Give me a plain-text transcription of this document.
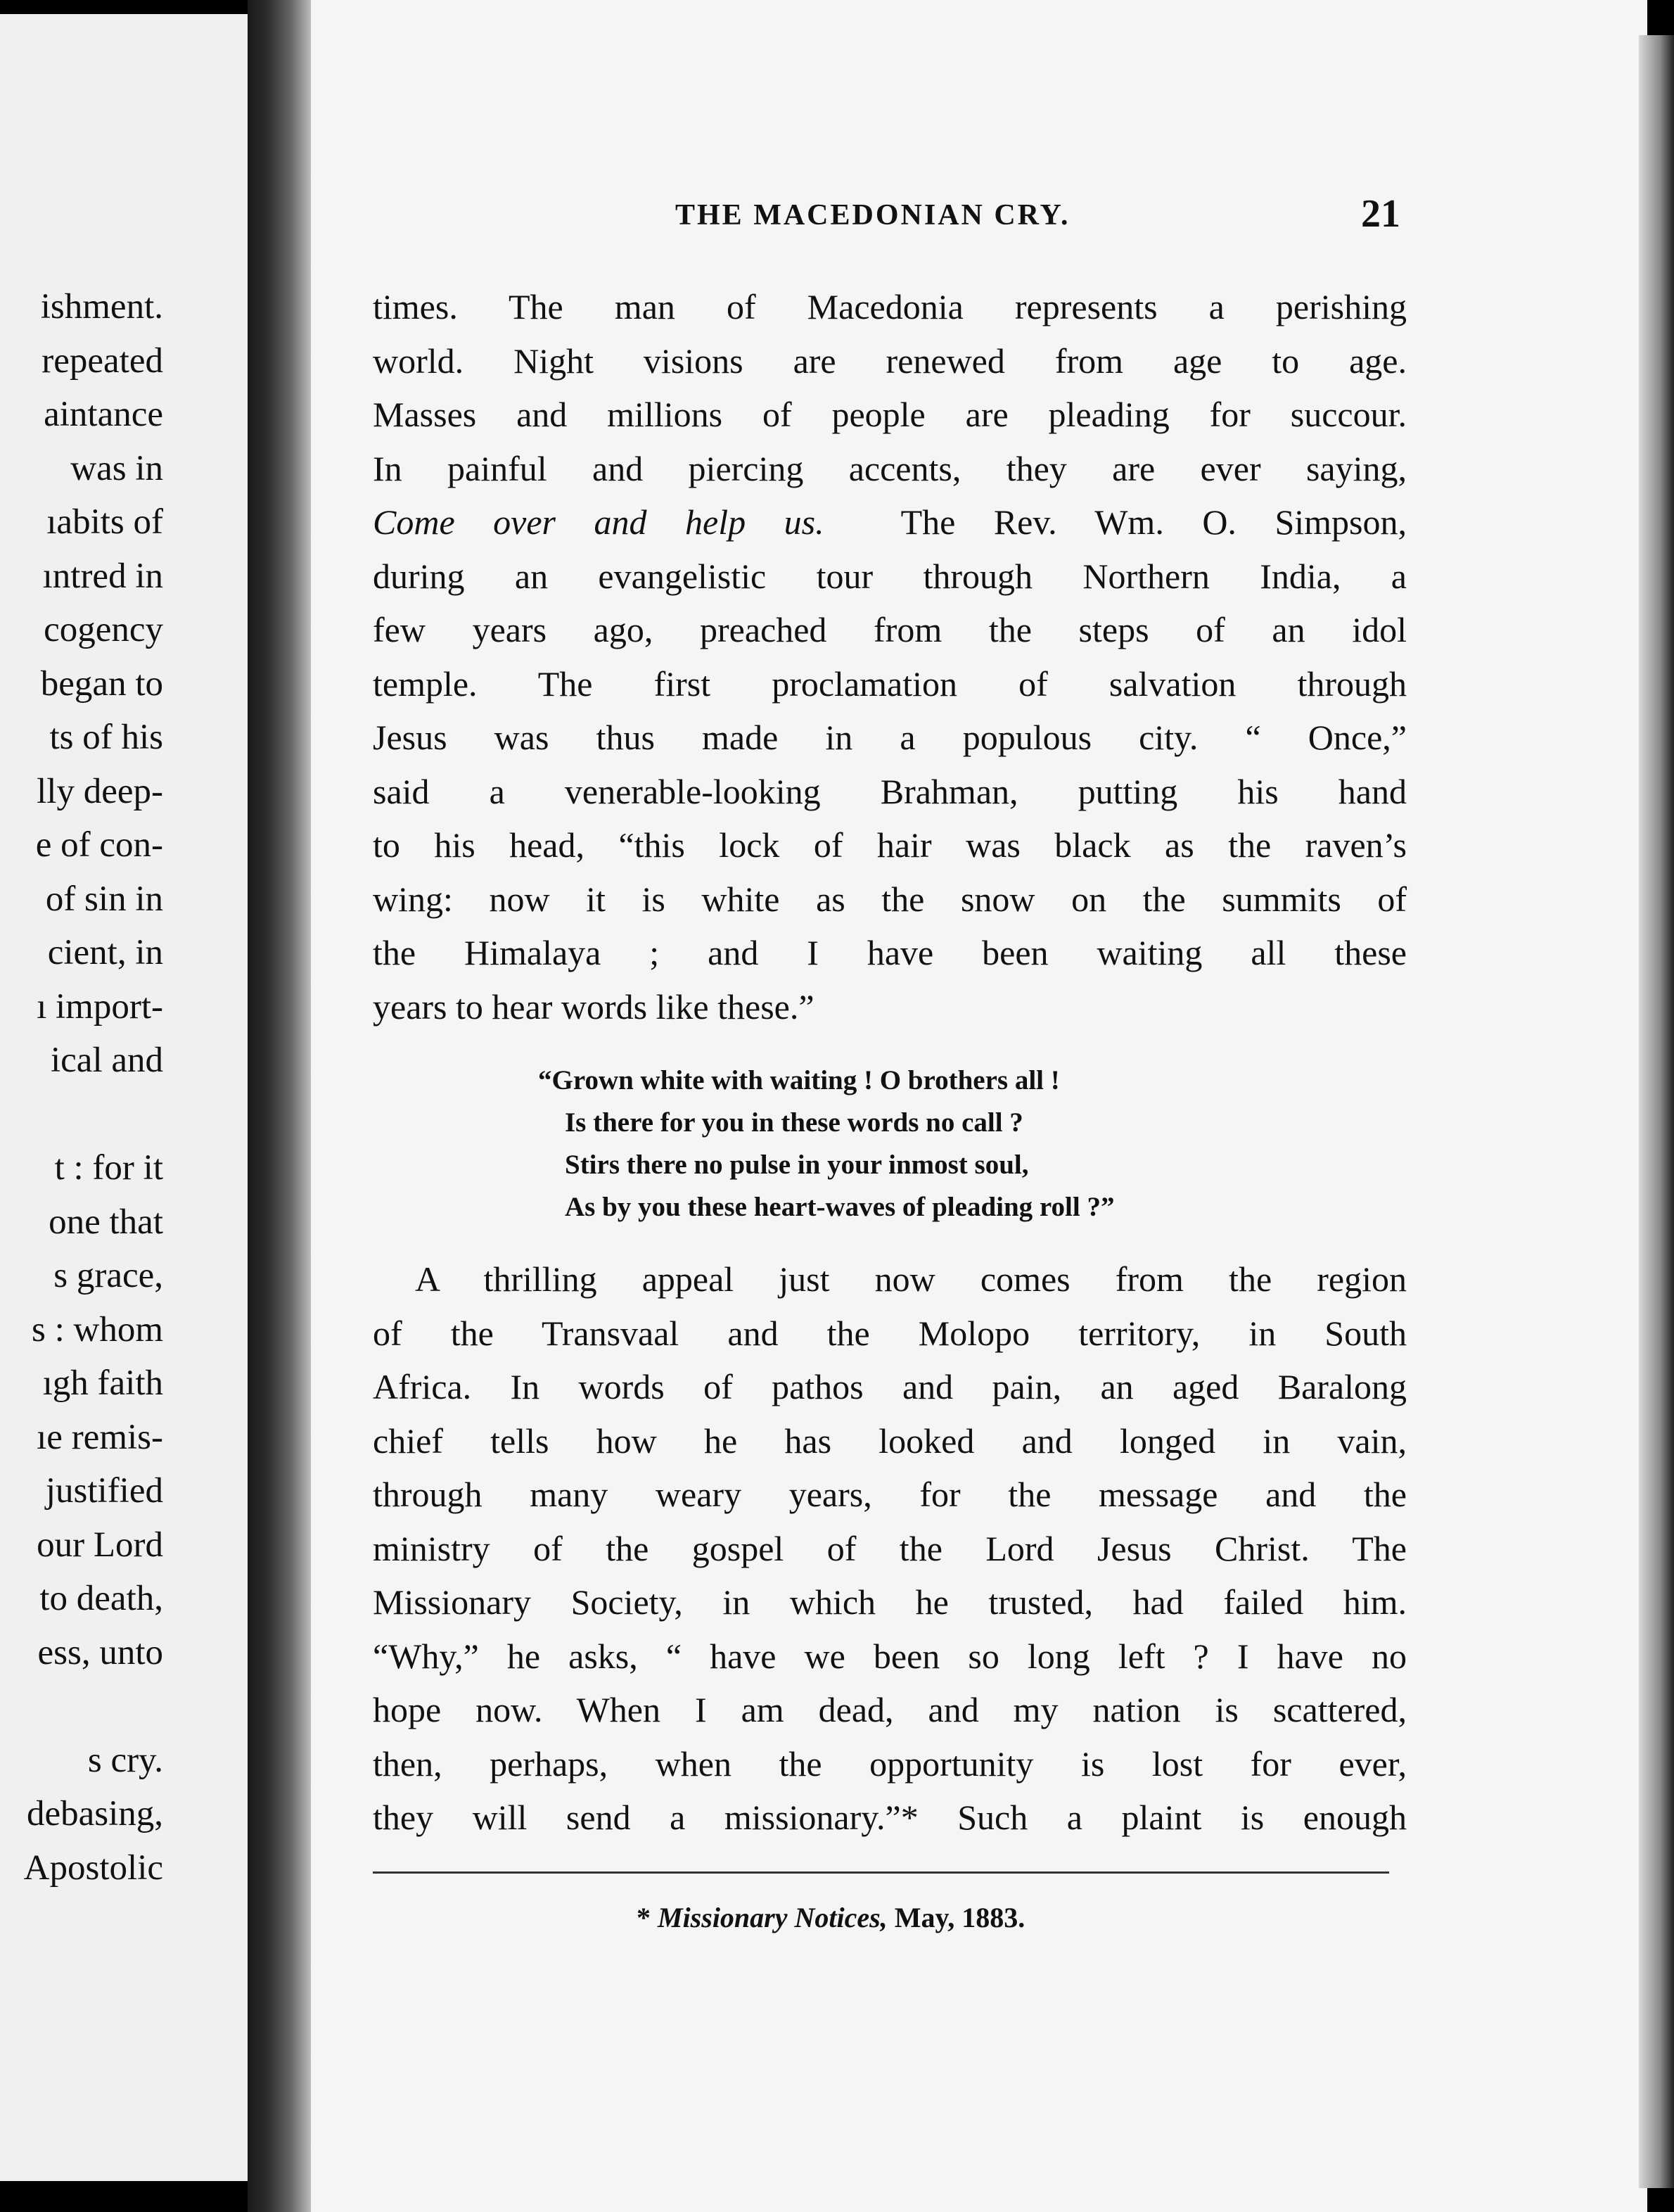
ishment.
repeated
aintance
was in
ıabits of
ıntred in
cogency
began to
ts of his
lly deep-
e of con-
of sin in
cient, in
ı import-
ical and
t : for it
one that
s grace,
s : whom
ıgh faith
ıe remis-
justified
our Lord
to death,
ess, unto
s cry.
debasing,
Apostolic
THE MACEDONIAN CRY.	21
times. The man of Macedonia represents a perishing
world. Night visions are renewed from age to age.
Masses and millions of people are pleading for succour.
In painful and piercing accents, they are ever saying,
Come over and help us. The Rev. Wm. O. Simpson,
during an evangelistic tour through Northern India, a
few years ago, preached from the steps of an idol
temple. The first proclamation of salvation through
Jesus was thus made in a populous city. “ Once,”
said a venerable-looking Brahman, putting his hand
to his head, “this lock of hair was black as the raven’s
wing: now it is white as the snow on the summits of
the Himalaya ; and I have been waiting all these
years to hear words like these.”
“Grown white with waiting ! O brothers all !
Is there for you in these words no call ?
Stirs there no pulse in your inmost soul,
As by you these heart-waves of pleading roll ?”
A thrilling appeal just now comes from the region
of the Transvaal and the Molopo territory, in South
Africa. In words of pathos and pain, an aged Baralong
chief tells how he has looked and longed in vain,
through many weary years, for the message and the
ministry of the gospel of the Lord Jesus Christ. The
Missionary Society, in which he trusted, had failed him.
“Why,” he asks, “ have we been so long left ? I have no
hope now. When I am dead, and my nation is scattered,
then, perhaps, when the opportunity is lost for ever,
they will send a missionary.”* Such a plaint is enough
* Missionary Notices, May, 1883.
